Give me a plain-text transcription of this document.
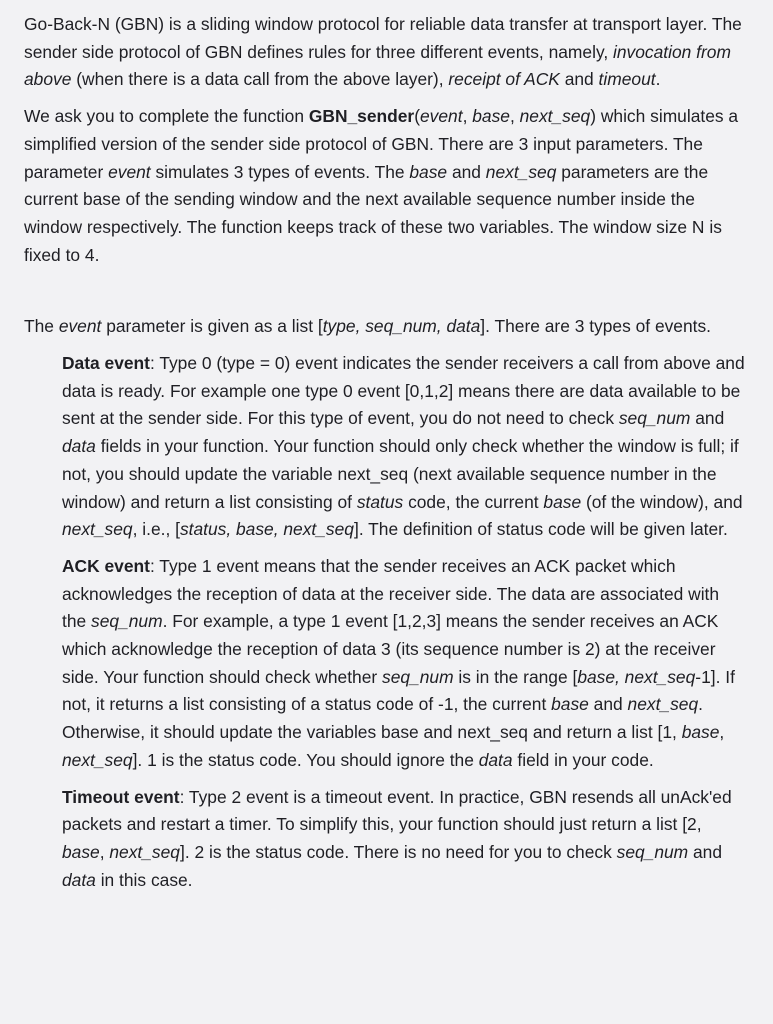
Go-Back-N (GBN) is a sliding window protocol for reliable data transfer at transport layer. The sender side protocol of GBN defines rules for three different events, namely, invocation from above (when there is a data call from the above layer), receipt of ACK and timeout.

We ask you to complete the function GBN_sender(event, base, next_seq) which simulates a simplified version of the sender side protocol of GBN. There are 3 input parameters. The parameter event simulates 3 types of events. The base and next_seq parameters are the current base of the sending window and the next available sequence number inside the window respectively. The function keeps track of these two variables. The window size N is fixed to 4.

The event parameter is given as a list [type, seq_num, data]. There are 3 types of events.

Data event: Type 0 (type = 0) event indicates the sender receivers a call from above and data is ready. For example one type 0 event [0,1,2] means there are data available to be sent at the sender side. For this type of event, you do not need to check seq_num and data fields in your function. Your function should only check whether the window is full; if not, you should update the variable next_seq (next available sequence number in the window) and return a list consisting of status code, the current base (of the window), and next_seq, i.e., [status, base, next_seq]. The definition of status code will be given later.

ACK event: Type 1 event means that the sender receives an ACK packet which acknowledges the reception of data at the receiver side. The data are associated with the seq_num. For example, a type 1 event [1,2,3] means the sender receives an ACK which acknowledge the reception of data 3 (its sequence number is 2) at the receiver side. Your function should check whether seq_num is in the range [base, next_seq-1]. If not, it returns a list consisting of a status code of -1, the current base and next_seq. Otherwise, it should update the variables base and next_seq and return a list [1, base, next_seq]. 1 is the status code. You should ignore the data field in your code.

Timeout event: Type 2 event is a timeout event. In practice, GBN resends all unAck'ed packets and restart a timer. To simplify this, your function should just return a list [2, base, next_seq]. 2 is the status code. There is no need for you to check seq_num and data in this case.
